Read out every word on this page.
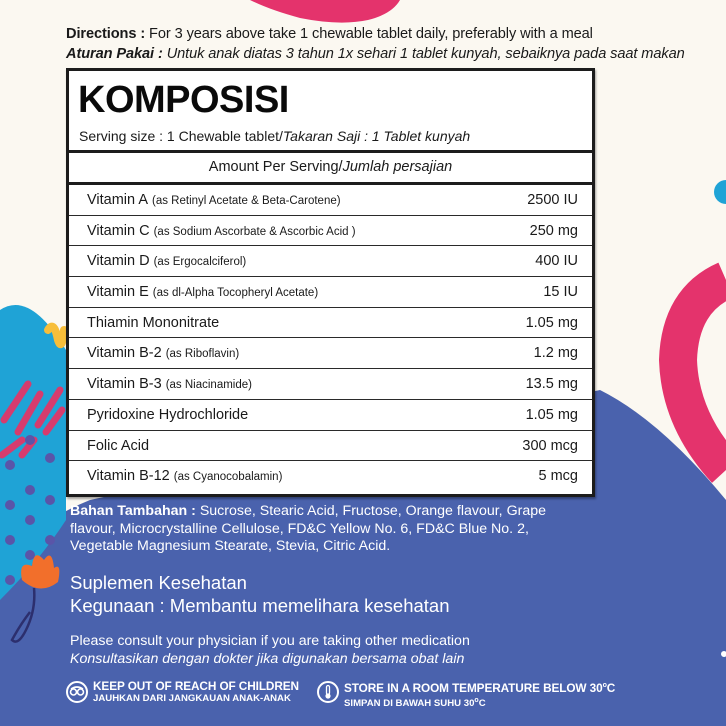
Directions : For 3 years above take 1 chewable tablet daily, preferably with a meal
Aturan Pakai : Untuk anak diatas 3 tahun 1x sehari 1 tablet kunyah, sebaiknya pada saat makan
KOMPOSISI
Serving size : 1 Chewable tablet/Takaran Saji : 1 Tablet kunyah
Amount Per Serving/Jumlah persajian
Vitamin A (as Retinyl Acetate & Beta-Carotene)	2500 IU
Vitamin C (as Sodium Ascorbate & Ascorbic Acid )	250 mg
Vitamin D (as Ergocalciferol)	400 IU
Vitamin E (as dl-Alpha Tocopheryl Acetate)	15 IU
Thiamin Mononitrate	1.05 mg
Vitamin B-2 (as Riboflavin)	1.2 mg
Vitamin B-3 (as Niacinamide)	13.5 mg
Pyridoxine Hydrochloride	1.05 mg
Folic Acid	300 mcg
Vitamin B-12 (as Cyanocobalamin)	5 mcg
Bahan Tambahan : Sucrose, Stearic Acid, Fructose, Orange flavour, Grape flavour, Microcrystalline Cellulose, FD&C Yellow No. 6, FD&C Blue No. 2, Vegetable Magnesium Stearate, Stevia, Citric Acid.
Suplemen Kesehatan
Kegunaan : Membantu memelihara kesehatan
Please consult your physician if you are taking other medication
Konsultasikan dengan dokter jika digunakan bersama obat lain
KEEP OUT OF REACH OF CHILDREN
JAUHKAN DARI JANGKAUAN ANAK-ANAK
STORE IN A ROOM TEMPERATURE BELOW 30$^o$C
SIMPAN DI BAWAH SUHU 30$^o$C
